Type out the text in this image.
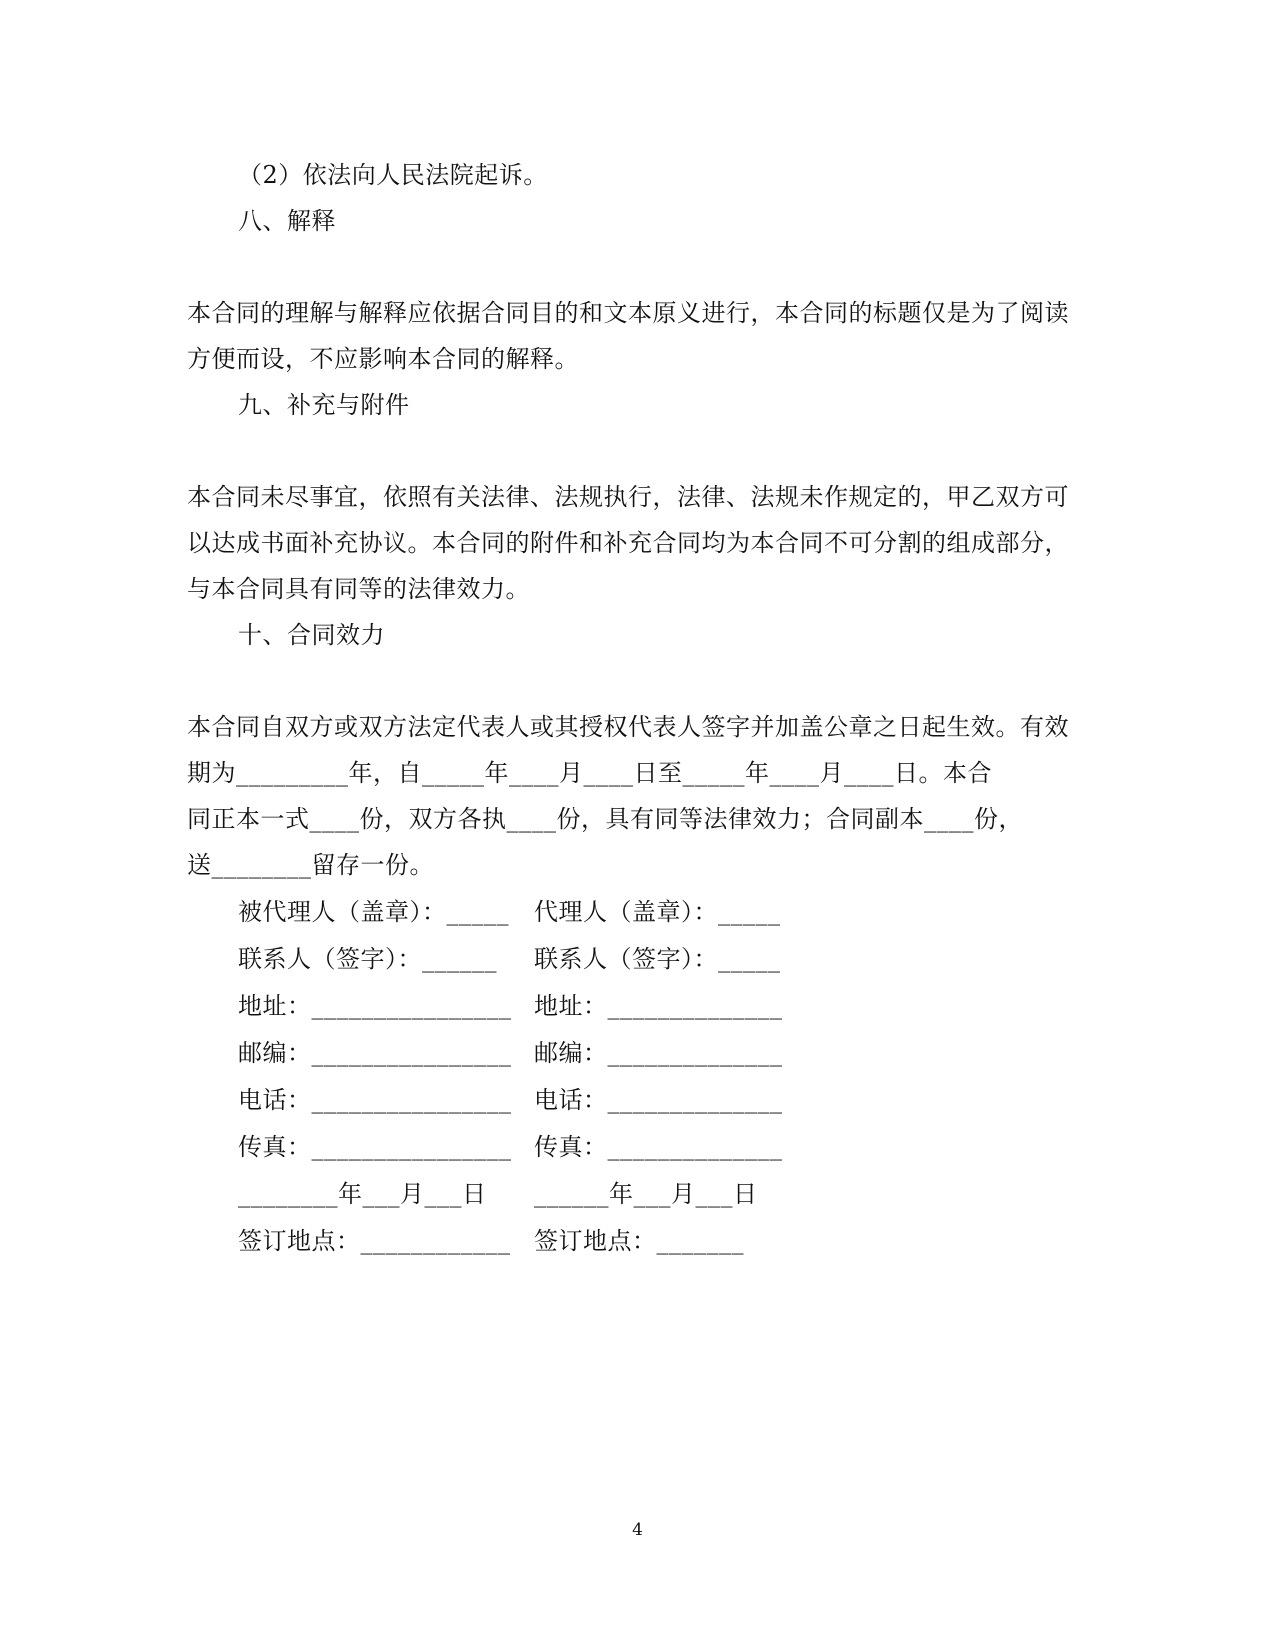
（2）依法向人民法院起诉。
八、解释
本合同的理解与解释应依据合同目的和文本原义进行，本合同的标题仅是为了阅读
方便而设，不应影响本合同的解释。
九、补充与附件
本合同未尽事宜，依照有关法律、法规执行，法律、法规未作规定的，甲乙双方可
以达成书面补充协议。本合同的附件和补充合同均为本合同不可分割的组成部分，
与本合同具有同等的法律效力。
十、合同效力
本合同自双方或双方法定代表人或其授权代表人签字并加盖公章之日起生效。有效
期为_________年，自_____年____月____日至_____年____月____日。本合
同正本一式____份，双方各执____份，具有同等法律效力；合同副本____份，
送________留存一份。
被代理人（盖章）：_____ 代理人（盖章）：_____
联系人（签字）：______ 联系人（签字）：_____
地址：________________ 地址：______________
邮编：________________ 邮编：______________
电话：________________ 电话：______________
传真：________________ 传真：______________
________年___月___日 ______年___月___日
签订地点：____________ 签订地点：_______
4
